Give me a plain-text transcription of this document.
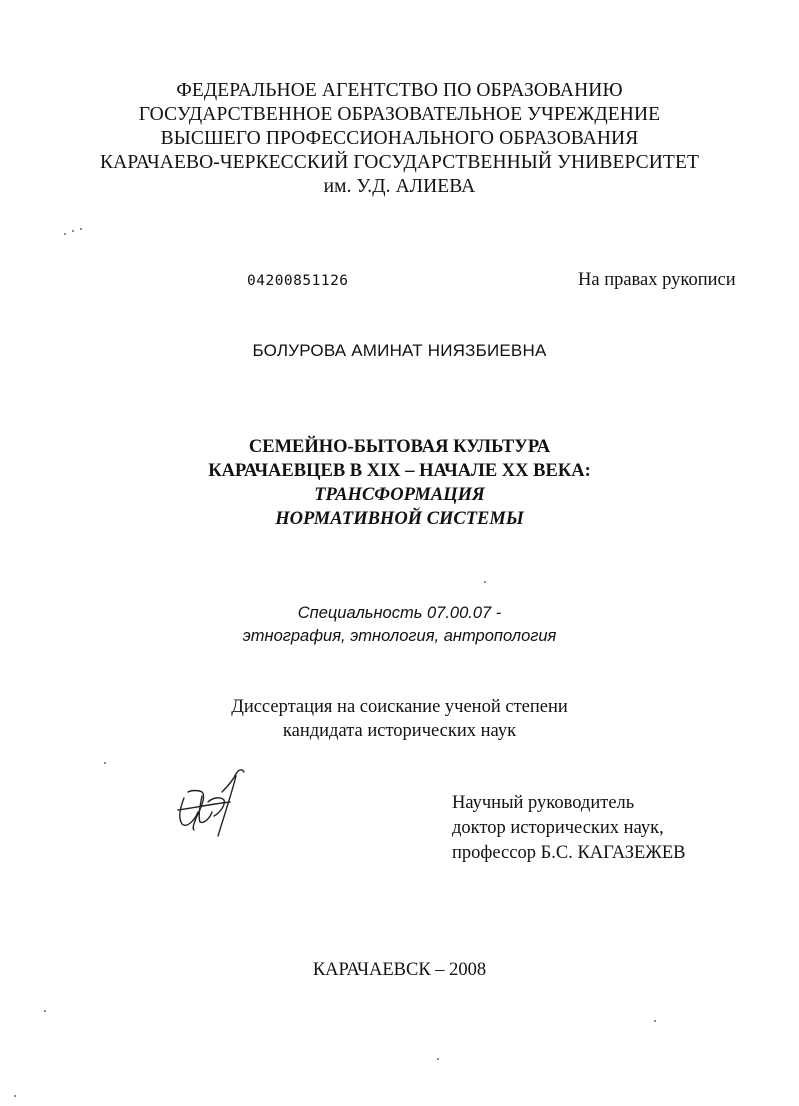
ФЕДЕРАЛЬНОЕ АГЕНТСТВО ПО ОБРАЗОВАНИЮ
ГОСУДАРСТВЕННОЕ ОБРАЗОВАТЕЛЬНОЕ УЧРЕЖДЕНИЕ
ВЫСШЕГО ПРОФЕССИОНАЛЬНОГО ОБРАЗОВАНИЯ
КАРАЧАЕВО-ЧЕРКЕССКИЙ ГОСУДАРСТВЕННЫЙ УНИВЕРСИТЕТ
им. У.Д. АЛИЕВА
04200851126	На правах рукописи
БОЛУРОВА АМИНАТ НИЯЗБИЕВНА
СЕМЕЙНО-БЫТОВАЯ КУЛЬТУРА
КАРАЧАЕВЦЕВ В XIX – НАЧАЛЕ XX ВЕКА:
ТРАНСФОРМАЦИЯ
НОРМАТИВНОЙ СИСТЕМЫ
Специальность 07.00.07 -
этнография, этнология, антропология
Диссертация на соискание ученой степени
кандидата исторических наук
Научный руководитель
доктор исторических наук,
профессор Б.С. КАГАЗЕЖЕВ
КАРАЧАЕВСК – 2008
